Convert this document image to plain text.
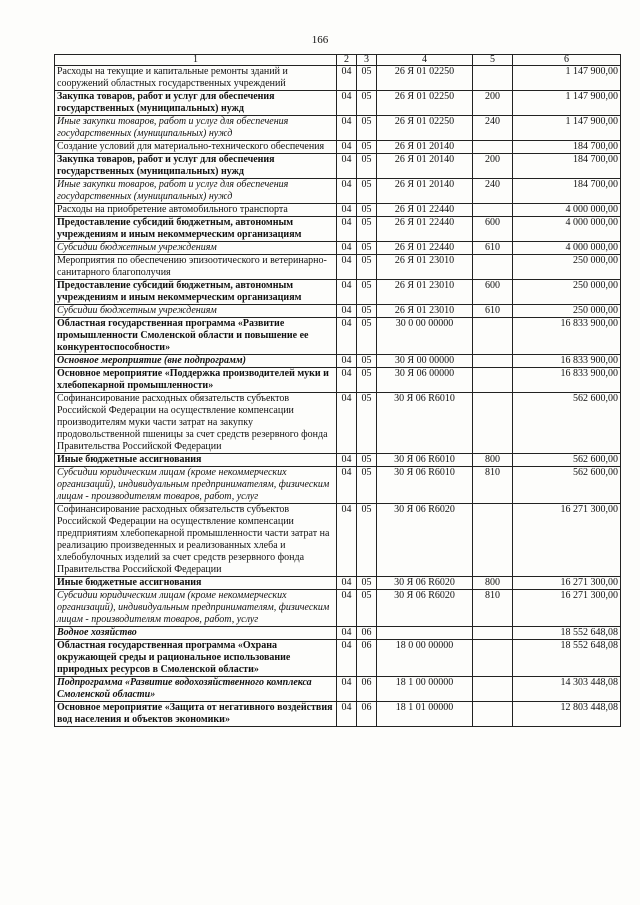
166
1	2	3	4	5	6
Расходы на текущие и капитальные ремонты зданий и сооружений областных государственных учреждений	04	05	26 Я 01 02250		1 147 900,00
Закупка товаров, работ и услуг для обеспечения государственных (муниципальных) нужд	04	05	26 Я 01 02250	200	1 147 900,00
Иные закупки товаров, работ и услуг для обеспечения государственных (муниципальных) нужд	04	05	26 Я 01 02250	240	1 147 900,00
Создание условий для материально-технического обеспечения	04	05	26 Я 01 20140		184 700,00
Закупка товаров, работ и услуг для обеспечения государственных (муниципальных) нужд	04	05	26 Я 01 20140	200	184 700,00
Иные закупки товаров, работ и услуг для обеспечения государственных (муниципальных) нужд	04	05	26 Я 01 20140	240	184 700,00
Расходы на приобретение автомобильного транспорта	04	05	26 Я 01 22440		4 000 000,00
Предоставление субсидий бюджетным, автономным учреждениям и иным некоммерческим организациям	04	05	26 Я 01 22440	600	4 000 000,00
Субсидии бюджетным учреждениям	04	05	26 Я 01 22440	610	4 000 000,00
Мероприятия по обеспечению эпизоотического и ветеринарно-санитарного благополучия	04	05	26 Я 01 23010		250 000,00
Предоставление субсидий бюджетным, автономным учреждениям и иным некоммерческим организациям	04	05	26 Я 01 23010	600	250 000,00
Субсидии бюджетным учреждениям	04	05	26 Я 01 23010	610	250 000,00
Областная государственная программа «Развитие промышленности Смоленской области и повышение ее конкурентоспособности»	04	05	30 0 00 00000		16 833 900,00
Основное мероприятие (вне подпрограмм)	04	05	30 Я 00 00000		16 833 900,00
Основное мероприятие «Поддержка производителей муки и хлебопекарной промышленности»	04	05	30 Я 06 00000		16 833 900,00
Софинансирование расходных обязательств субъектов Российской Федерации на осуществление компенсации производителям муки части затрат на закупку продовольственной пшеницы за счет средств резервного фонда Правительства Российской Федерации	04	05	30 Я 06 R6010		562 600,00
Иные бюджетные ассигнования	04	05	30 Я 06 R6010	800	562 600,00
Субсидии юридическим лицам (кроме некоммерческих организаций), индивидуальным предпринимателям, физическим лицам - производителям товаров, работ, услуг	04	05	30 Я 06 R6010	810	562 600,00
Софинансирование расходных обязательств субъектов Российской Федерации на осуществление компенсации предприятиям хлебопекарной промышленности части затрат на реализацию произведенных и реализованных хлеба и хлебобулочных изделий за счет средств резервного фонда Правительства Российской Федерации	04	05	30 Я 06 R6020		16 271 300,00
Иные бюджетные ассигнования	04	05	30 Я 06 R6020	800	16 271 300,00
Субсидии юридическим лицам (кроме некоммерческих организаций), индивидуальным предпринимателям, физическим лицам - производителям товаров, работ, услуг	04	05	30 Я 06 R6020	810	16 271 300,00
Водное хозяйство	04	06			18 552 648,08
Областная государственная программа «Охрана окружающей среды и рациональное использование природных ресурсов в Смоленской области»	04	06	18 0 00 00000		18 552 648,08
Подпрограмма «Развитие водохозяйственного комплекса Смоленской области»	04	06	18 1 00 00000		14 303 448,08
Основное мероприятие «Защита от негативного воздействия вод населения и объектов экономики»	04	06	18 1 01 00000		12 803 448,08
